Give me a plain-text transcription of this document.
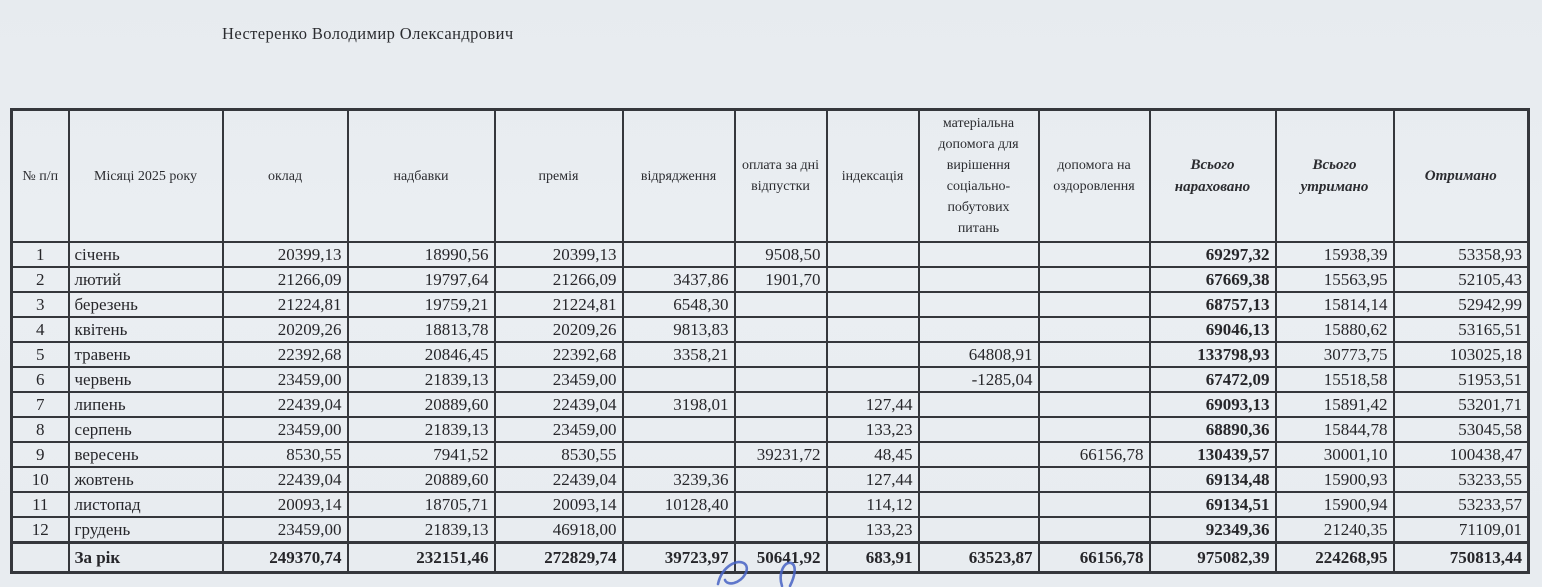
Нестеренко Володимир Олександрович
№ п/п	Місяці 2025 року	оклад	надбавки	премія	відрядження	оплата за дні відпустки	індексація	матеріальна допомога для вирішення соціально-побутових питань	допомога на оздоровлення	Всього нараховано	Всього утримано	Отримано
1	січень	20399,13	18990,56	20399,13		9508,50				69297,32	15938,39	53358,93
2	лютий	21266,09	19797,64	21266,09	3437,86	1901,70				67669,38	15563,95	52105,43
3	березень	21224,81	19759,21	21224,81	6548,30					68757,13	15814,14	52942,99
4	квітень	20209,26	18813,78	20209,26	9813,83					69046,13	15880,62	53165,51
5	травень	22392,68	20846,45	22392,68	3358,21			64808,91		133798,93	30773,75	103025,18
6	червень	23459,00	21839,13	23459,00				-1285,04		67472,09	15518,58	51953,51
7	липень	22439,04	20889,60	22439,04	3198,01		127,44			69093,13	15891,42	53201,71
8	серпень	23459,00	21839,13	23459,00			133,23			68890,36	15844,78	53045,58
9	вересень	8530,55	7941,52	8530,55		39231,72	48,45		66156,78	130439,57	30001,10	100438,47
10	жовтень	22439,04	20889,60	22439,04	3239,36		127,44			69134,48	15900,93	53233,55
11	листопад	20093,14	18705,71	20093,14	10128,40		114,12			69134,51	15900,94	53233,57
12	грудень	23459,00	21839,13	46918,00			133,23			92349,36	21240,35	71109,01
	За рік	249370,74	232151,46	272829,74	39723,97	50641,92	683,91	63523,87	66156,78	975082,39	224268,95	750813,44
